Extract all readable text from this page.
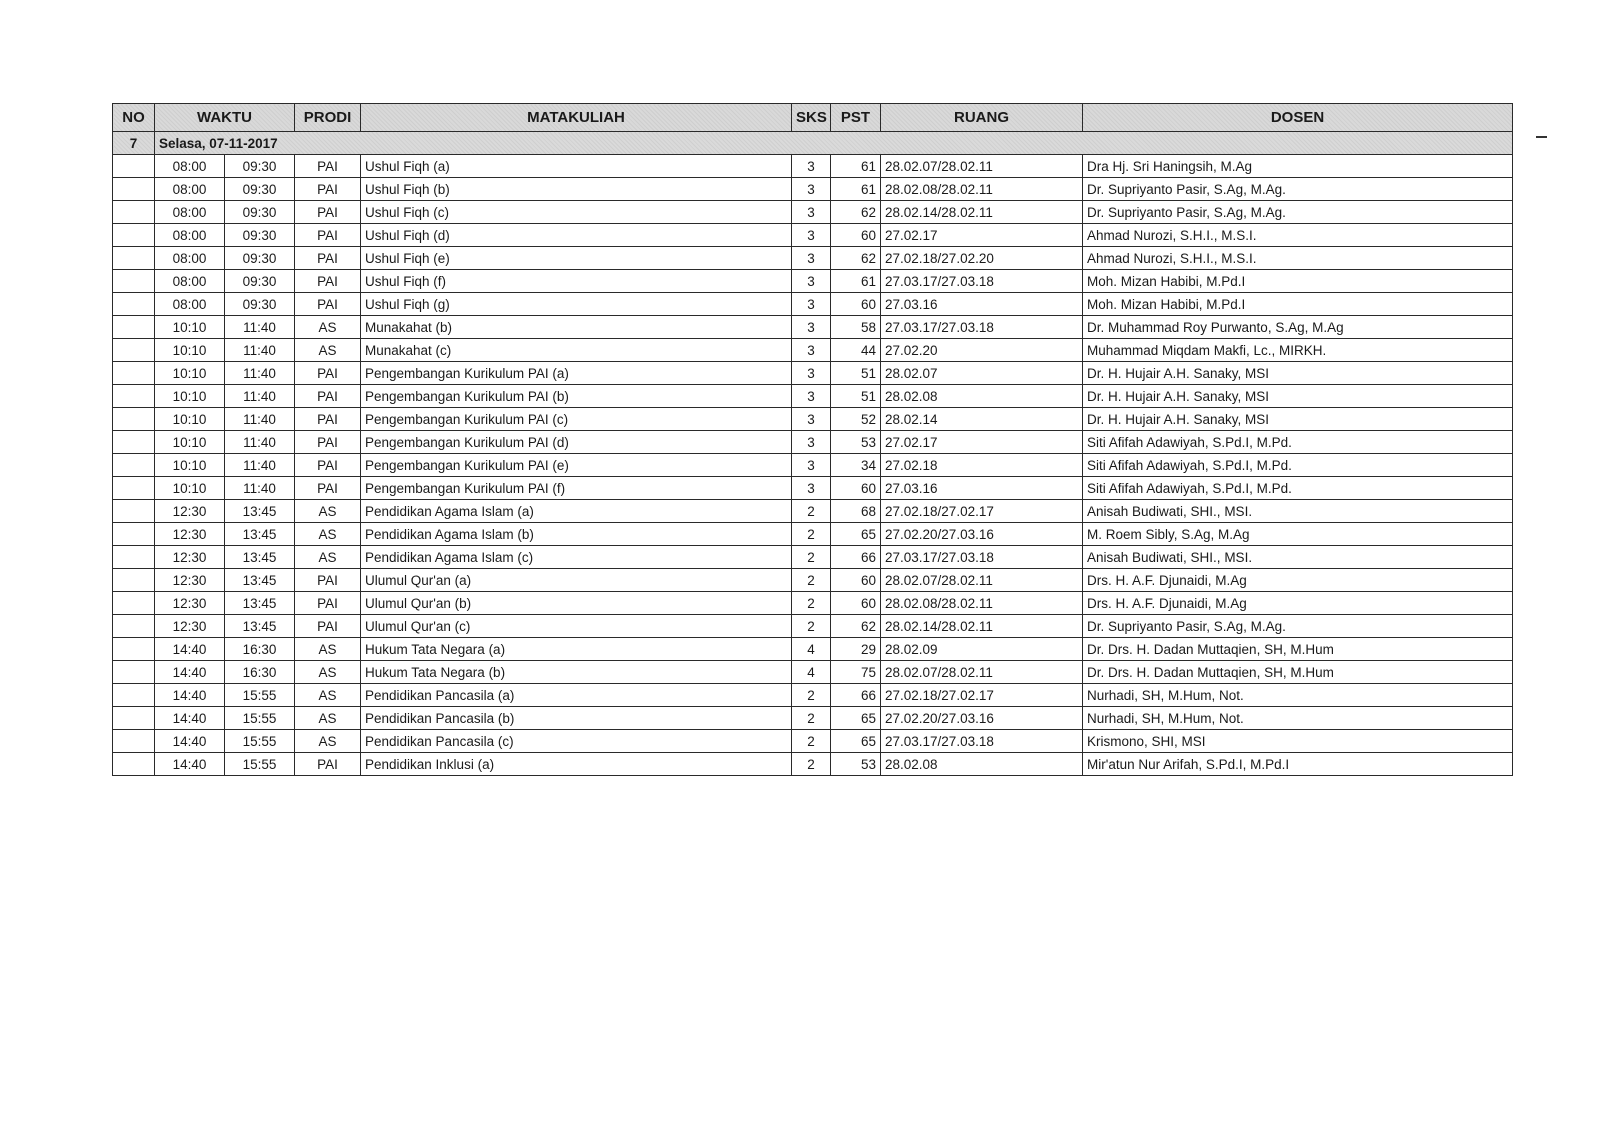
NO	WAKTU		PRODI	MATAKULIAH	SKS	PST	RUANG	DOSEN
7	Selasa, 07-11-2017							
	08:00	09:30	PAI	Ushul Fiqh (a)	3	61	28.02.07/28.02.11	Dra Hj. Sri Haningsih, M.Ag
	08:00	09:30	PAI	Ushul Fiqh (b)	3	61	28.02.08/28.02.11	Dr. Supriyanto Pasir, S.Ag, M.Ag.
	08:00	09:30	PAI	Ushul Fiqh (c)	3	62	28.02.14/28.02.11	Dr. Supriyanto Pasir, S.Ag, M.Ag.
	08:00	09:30	PAI	Ushul Fiqh (d)	3	60	27.02.17	Ahmad Nurozi, S.H.I., M.S.I.
	08:00	09:30	PAI	Ushul Fiqh (e)	3	62	27.02.18/27.02.20	Ahmad Nurozi, S.H.I., M.S.I.
	08:00	09:30	PAI	Ushul Fiqh (f)	3	61	27.03.17/27.03.18	Moh. Mizan Habibi, M.Pd.I
	08:00	09:30	PAI	Ushul Fiqh (g)	3	60	27.03.16	Moh. Mizan Habibi, M.Pd.I
	10:10	11:40	AS	Munakahat (b)	3	58	27.03.17/27.03.18	Dr. Muhammad Roy Purwanto, S.Ag, M.Ag
	10:10	11:40	AS	Munakahat (c)	3	44	27.02.20	Muhammad Miqdam Makfi, Lc., MIRKH.
	10:10	11:40	PAI	Pengembangan Kurikulum PAI (a)	3	51	28.02.07	Dr. H. Hujair A.H. Sanaky, MSI
	10:10	11:40	PAI	Pengembangan Kurikulum PAI (b)	3	51	28.02.08	Dr. H. Hujair A.H. Sanaky, MSI
	10:10	11:40	PAI	Pengembangan Kurikulum PAI (c)	3	52	28.02.14	Dr. H. Hujair A.H. Sanaky, MSI
	10:10	11:40	PAI	Pengembangan Kurikulum PAI (d)	3	53	27.02.17	Siti Afifah Adawiyah, S.Pd.I, M.Pd.
	10:10	11:40	PAI	Pengembangan Kurikulum PAI (e)	3	34	27.02.18	Siti Afifah Adawiyah, S.Pd.I, M.Pd.
	10:10	11:40	PAI	Pengembangan Kurikulum PAI (f)	3	60	27.03.16	Siti Afifah Adawiyah, S.Pd.I, M.Pd.
	12:30	13:45	AS	Pendidikan Agama Islam (a)	2	68	27.02.18/27.02.17	Anisah Budiwati, SHI., MSI.
	12:30	13:45	AS	Pendidikan Agama Islam (b)	2	65	27.02.20/27.03.16	M. Roem Sibly, S.Ag, M.Ag
	12:30	13:45	AS	Pendidikan Agama Islam (c)	2	66	27.03.17/27.03.18	Anisah Budiwati, SHI., MSI.
	12:30	13:45	PAI	Ulumul Qur'an (a)	2	60	28.02.07/28.02.11	Drs. H. A.F. Djunaidi, M.Ag
	12:30	13:45	PAI	Ulumul Qur'an (b)	2	60	28.02.08/28.02.11	Drs. H. A.F. Djunaidi, M.Ag
	12:30	13:45	PAI	Ulumul Qur'an (c)	2	62	28.02.14/28.02.11	Dr. Supriyanto Pasir, S.Ag, M.Ag.
	14:40	16:30	AS	Hukum Tata Negara (a)	4	29	28.02.09	Dr. Drs. H. Dadan Muttaqien, SH, M.Hum
	14:40	16:30	AS	Hukum Tata Negara (b)	4	75	28.02.07/28.02.11	Dr. Drs. H. Dadan Muttaqien, SH, M.Hum
	14:40	15:55	AS	Pendidikan Pancasila (a)	2	66	27.02.18/27.02.17	Nurhadi, SH, M.Hum, Not.
	14:40	15:55	AS	Pendidikan Pancasila (b)	2	65	27.02.20/27.03.16	Nurhadi, SH, M.Hum, Not.
	14:40	15:55	AS	Pendidikan Pancasila (c)	2	65	27.03.17/27.03.18	Krismono, SHI, MSI
	14:40	15:55	PAI	Pendidikan Inklusi (a)	2	53	28.02.08	Mir'atun Nur Arifah, S.Pd.I, M.Pd.I
